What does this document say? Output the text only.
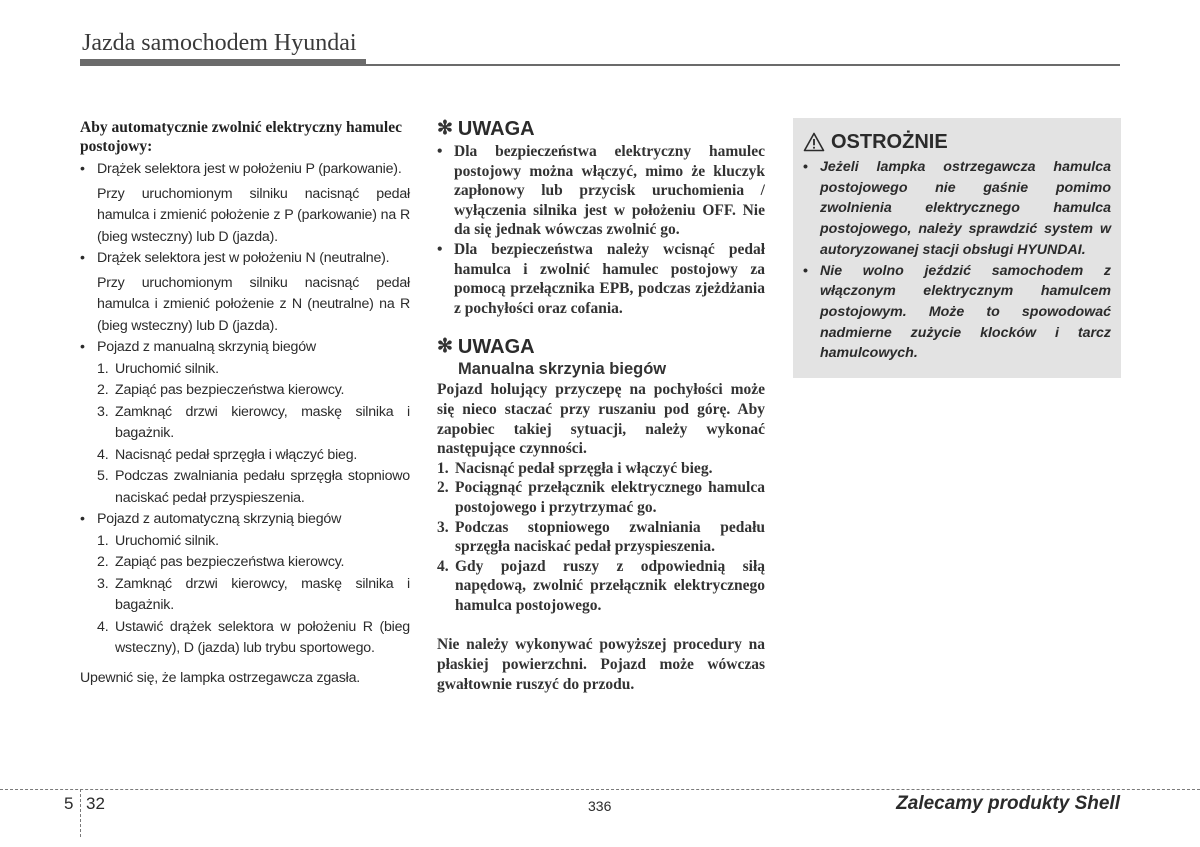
Jazda samochodem Hyundai

Aby automatycznie zwolnić elektryczny hamulec postojowy:

• Drążek selektora jest w położeniu P (parkowanie).

Przy uruchomionym silniku nacisnąć pedał hamulca i zmienić położenie z P (parkowanie) na R (bieg wsteczny) lub D (jazda).

• Drążek selektora jest w położeniu N (neutralne).

Przy uruchomionym silniku nacisnąć pedał hamulca i zmienić położenie z N (neutralne) na R (bieg wsteczny) lub D (jazda).

• Pojazd z manualną skrzynią biegów

1. Uruchomić silnik.
2. Zapiąć pas bezpieczeństwa kierowcy.
3. Zamknąć drzwi kierowcy, maskę silnika i bagażnik.
4. Nacisnąć pedał sprzęgła i włączyć bieg.
5. Podczas zwalniania pedału sprzęgła stopniowo naciskać pedał przyspieszenia.

• Pojazd z automatyczną skrzynią biegów

1. Uruchomić silnik.
2. Zapiąć pas bezpieczeństwa kierowcy.
3. Zamknąć drzwi kierowcy, maskę silnika i bagażnik.
4. Ustawić drążek selektora w położeniu R (bieg wsteczny), D (jazda) lub trybu sportowego.

Upewnić się, że lampka ostrzegawcza zgasła.

✻ UWAGA
• Dla bezpieczeństwa elektryczny hamulec postojowy można włączyć, mimo że kluczyk zapłonowy lub przycisk uruchomienia / wyłączenia silnika jest w położeniu OFF. Nie da się jednak wówczas zwolnić go.
• Dla bezpieczeństwa należy wcisnąć pedał hamulca i zwolnić hamulec postojowy za pomocą przełącznika EPB, podczas zjeżdżania z pochyłości oraz cofania.
✻ UWAGA
Manualna skrzynia biegów

Pojazd holujący przyczepę na pochyłości może się nieco staczać przy ruszaniu pod górę. Aby zapobiec takiej sytuacji, należy wykonać następujące czynności.

1. Nacisnąć pedał sprzęgła i włączyć bieg.
2. Pociągnąć przełącznik elektrycznego hamulca postojowego i przytrzymać go.
3. Podczas stopniowego zwalniania pedału sprzęgła naciskać pedał przyspieszenia.
4. Gdy pojazd ruszy z odpowiednią siłą napędową, zwolnić przełącznik elektrycznego hamulca postojowego.

Nie należy wykonywać powyższej procedury na płaskiej powierzchni. Pojazd może wówczas gwałtownie ruszyć do przodu.

OSTROŻNIE
• Jeżeli lampka ostrzegawcza hamulca postojowego nie gaśnie pomimo zwolnienia elektrycznego hamulca postojowego, należy sprawdzić system w autoryzowanej stacji obsługi HYUNDAI.
• Nie wolno jeździć samochodem z włączonym elektrycznym hamulcem postojowym. Może to spowodować nadmierne zużycie klocków i tarcz hamulcowych.
5 32	336	Zalecamy produkty Shell
